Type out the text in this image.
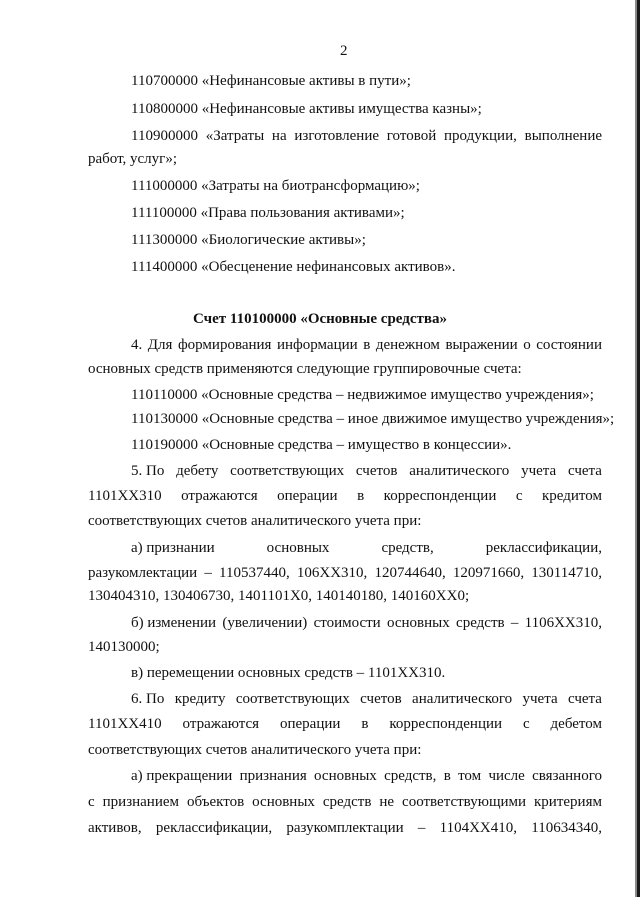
2
110700000 «Нефинансовые активы в пути»;
110800000 «Нефинансовые активы имущества казны»;
110900000 «Затраты на изготовление готовой продукции, выполнение
работ, услуг»;
111000000 «Затраты на биотрансформацию»;
111100000 «Права пользования активами»;
111300000 «Биологические активы»;
111400000 «Обесценение нефинансовых активов».
Счет 110100000 «Основные средства»
4. Для формирования информации в денежном выражении о состоянии
основных средств применяются следующие группировочные счета:
110110000 «Основные средства – недвижимое имущество учреждения»;
110130000 «Основные средства – иное движимое имущество учреждения»;
110190000 «Основные средства – имущество в концессии».
5. По дебету соответствующих счетов аналитического учета счета
1101ХХ310 отражаются операции в корреспонденции с кредитом
соответствующих счетов аналитического учета при:
а) признании	основных	средств,	реклассификации,
разукомлектации – 110537440, 106ХХ310, 120744640, 120971660, 130114710,
130404310, 130406730, 1401101Х0, 140140180, 140160ХХ0;
б) изменении (увеличении) стоимости основных средств – 1106ХХ310,
140130000;
в) перемещении основных средств – 1101ХХ310.
6. По кредиту соответствующих счетов аналитического учета счета
1101ХХ410 отражаются операции в корреспонденции с дебетом
соответствующих счетов аналитического учета при:
а) прекращении признания основных средств, в том числе связанного
с признанием объектов основных средств не соответствующими критериям
активов, реклассификации, разукомплектации – 1104ХХ410, 110634340,
